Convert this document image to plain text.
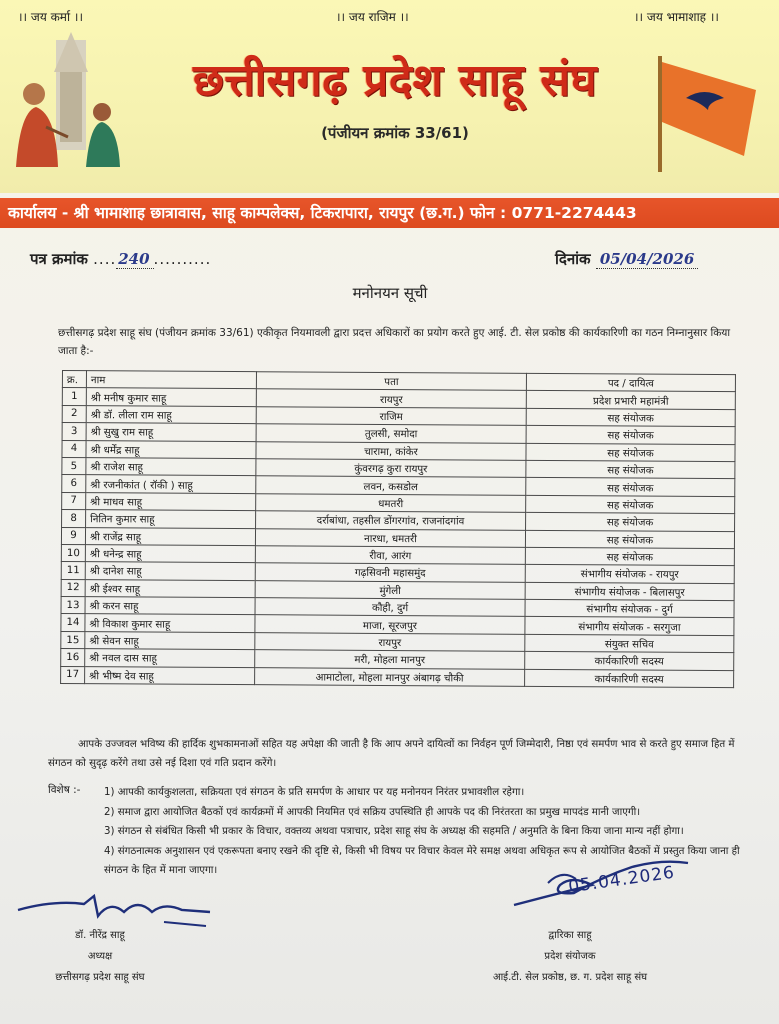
।। जय कर्मा ।।	।। जय राजिम ।।	।। जय भामाशाह ।।
छत्तीसगढ़ प्रदेश साहू संघ
(पंजीयन क्रमांक 33/61)
कार्यालय - श्री भामाशाह छात्रावास, साहू काम्पलेक्स, टिकरापारा, रायपुर (छ.ग.) फोन : 0771-2274443
पत्र क्रमांक .... 240 ..........	दिनांक 05/04/2026
मनोनयन सूची

छत्तीसगढ़ प्रदेश साहू संघ (पंजीयन क्रमांक 33/61) एकीकृत नियमावली द्वारा प्रदत्त अधिकारों का प्रयोग करते हुए आई. टी. सेल प्रकोष्ठ की कार्यकारिणी का गठन निम्नानुसार किया जाता है:-

क्र.	नाम	पता	पद / दायित्व
1	श्री मनीष कुमार साहू	रायपुर	प्रदेश प्रभारी महामंत्री
2	श्री डॉ. लीला राम साहू	राजिम	सह संयोजक
3	श्री सुखु राम साहू	तुलसी, समोदा	सह संयोजक
4	श्री धर्मेंद्र साहू	चारामा, कांकेर	सह संयोजक
5	श्री राजेश साहू	कुंवरगढ़ कुरा रायपुर	सह संयोजक
6	श्री रजनीकांत ( रॉकी ) साहू	लवन, कसडोल	सह संयोजक
7	श्री माधव साहू	धमतरी	सह संयोजक
8	नितिन कुमार साहू	दर्राबांधा, तहसील डोंगरगांव, राजनांदगांव	सह संयोजक
9	श्री राजेंद्र साहू	नारधा, धमतरी	सह संयोजक
10	श्री धनेन्द्र साहू	रीवा, आरंग	सह संयोजक
11	श्री दानेश साहू	गढ़सिवनी महासमुंद	संभागीय संयोजक - रायपुर
12	श्री ईश्वर साहू	मुंगेली	संभागीय संयोजक - बिलासपुर
13	श्री करन साहू	कौही, दुर्ग	संभागीय संयोजक - दुर्ग
14	श्री विकाश कुमार साहू	माजा, सूरजपुर	संभागीय संयोजक - सरगुजा
15	श्री सेवन साहू	रायपुर	संयुक्त सचिव
16	श्री नवल दास साहू	मरी, मोहला मानपुर	कार्यकारिणी सदस्य
17	श्री भीष्म देव साहू	आमाटोला, मोहला मानपुर अंबागढ़ चौकी	कार्यकारिणी सदस्य

आपके उज्जवल भविष्य की हार्दिक शुभकामनाओं सहित यह अपेक्षा की जाती है कि आप अपने दायित्वों का निर्वहन पूर्ण जिम्मेदारी, निष्ठा एवं समर्पण भाव से करते हुए समाज हित में संगठन को सुदृढ़ करेंगे तथा उसे नई दिशा एवं गति प्रदान करेंगे।

विशेष :- 1) आपकी कार्यकुशलता, सक्रियता एवं संगठन के प्रति समर्पण के आधार पर यह मनोनयन निरंतर प्रभावशील रहेगा।
2) समाज द्वारा आयोजित बैठकों एवं कार्यक्रमों में आपकी नियमित एवं सक्रिय उपस्थिति ही आपके पद की निरंतरता का प्रमुख मापदंड मानी जाएगी।
3) संगठन से संबंधित किसी भी प्रकार के विचार, वक्तव्य अथवा पत्राचार, प्रदेश साहू संघ के अध्यक्ष की सहमति / अनुमति के बिना किया जाना मान्य नहीं होगा।
4) संगठनात्मक अनुशासन एवं एकरूपता बनाए रखने की दृष्टि से, किसी भी विषय पर विचार केवल मेरे समक्ष अथवा अधिकृत रूप से आयोजित बैठकों में प्रस्तुत किया जाना ही संगठन के हित में माना जाएगा।	05.04.2026
डॉ. नीरेंद्र साहू
अध्यक्ष
छत्तीसगढ़ प्रदेश साहू संघ
द्वारिका साहू
प्रदेश संयोजक
आई.टी. सेल प्रकोष्ठ, छ. ग. प्रदेश साहू संघ
